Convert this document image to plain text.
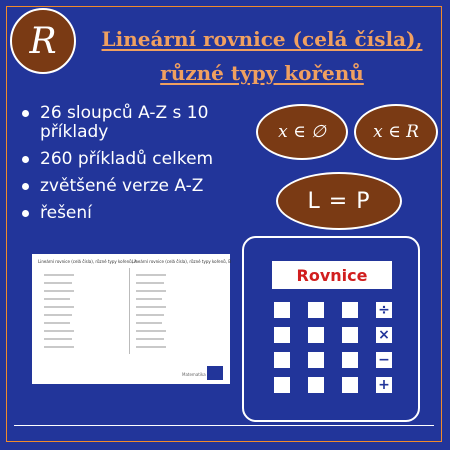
R	Lineární rovnice (celá čísla),
různé typy kořenů
26 sloupců A-Z s 10 příklady
260 příkladů celkem
zvětšené verze A-Z
řešení
x ∈ ∅	x ∈ R
L = P
Lineární rovnice (celá čísla), různé typy kořenů, A
Lineární rovnice (celá čísla), různé typy kořenů, B
Matematika
Rovnice
÷
×
−
+
